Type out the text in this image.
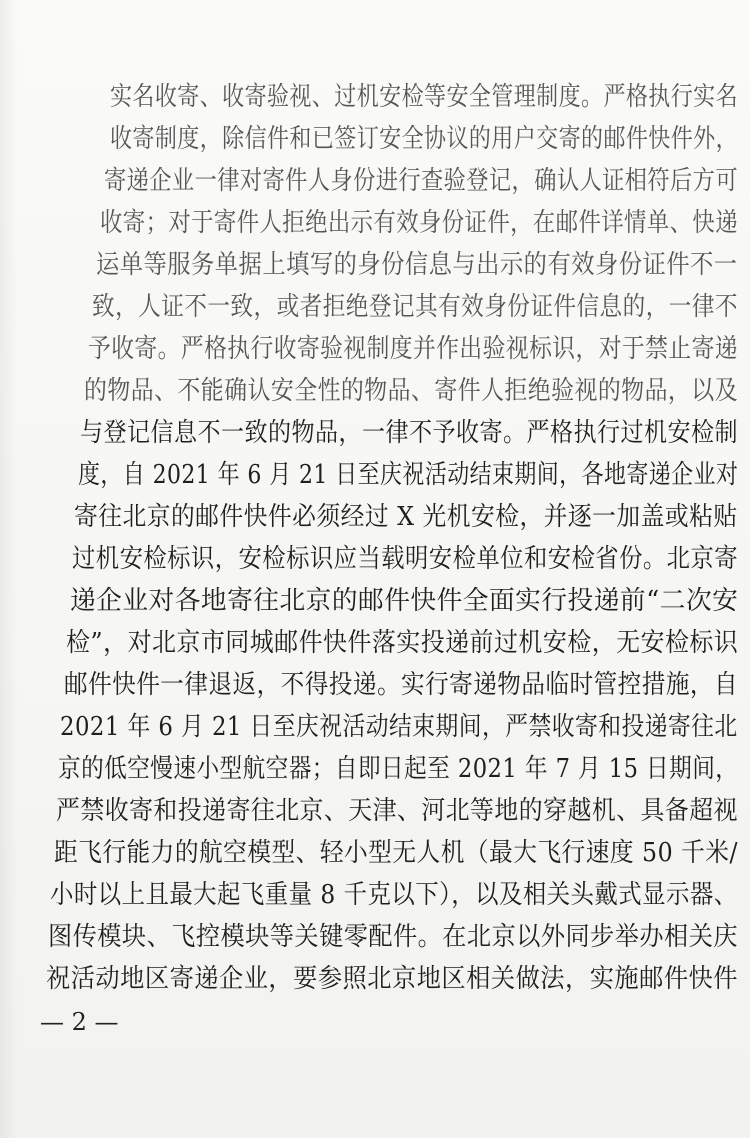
实名收寄、收寄验视、过机安检等安全管理制度。严格执行实名
收寄制度，除信件和已签订安全协议的用户交寄的邮件快件外，
寄递企业一律对寄件人身份进行查验登记，确认人证相符后方可
收寄；对于寄件人拒绝出示有效身份证件，在邮件详情单、快递
运单等服务单据上填写的身份信息与出示的有效身份证件不一
致，人证不一致，或者拒绝登记其有效身份证件信息的，一律不
予收寄。严格执行收寄验视制度并作出验视标识，对于禁止寄递
的物品、不能确认安全性的物品、寄件人拒绝验视的物品，以及
与登记信息不一致的物品，一律不予收寄。严格执行过机安检制
度，自 2021 年 6 月 21 日至庆祝活动结束期间，各地寄递企业对
寄往北京的邮件快件必须经过 X 光机安检，并逐一加盖或粘贴
过机安检标识，安检标识应当载明安检单位和安检省份。北京寄
递企业对各地寄往北京的邮件快件全面实行投递前“二次安
检”，对北京市同城邮件快件落实投递前过机安检，无安检标识
邮件快件一律退返，不得投递。实行寄递物品临时管控措施，自
2021 年 6 月 21 日至庆祝活动结束期间，严禁收寄和投递寄往北
京的低空慢速小型航空器；自即日起至 2021 年 7 月 15 日期间，
严禁收寄和投递寄往北京、天津、河北等地的穿越机、具备超视
距飞行能力的航空模型、轻小型无人机（最大飞行速度 50 千米/
小时以上且最大起飞重量 8 千克以下），以及相关头戴式显示器、
图传模块、飞控模块等关键零配件。在北京以外同步举办相关庆
祝活动地区寄递企业，要参照北京地区相关做法，实施邮件快件
— 2 —
